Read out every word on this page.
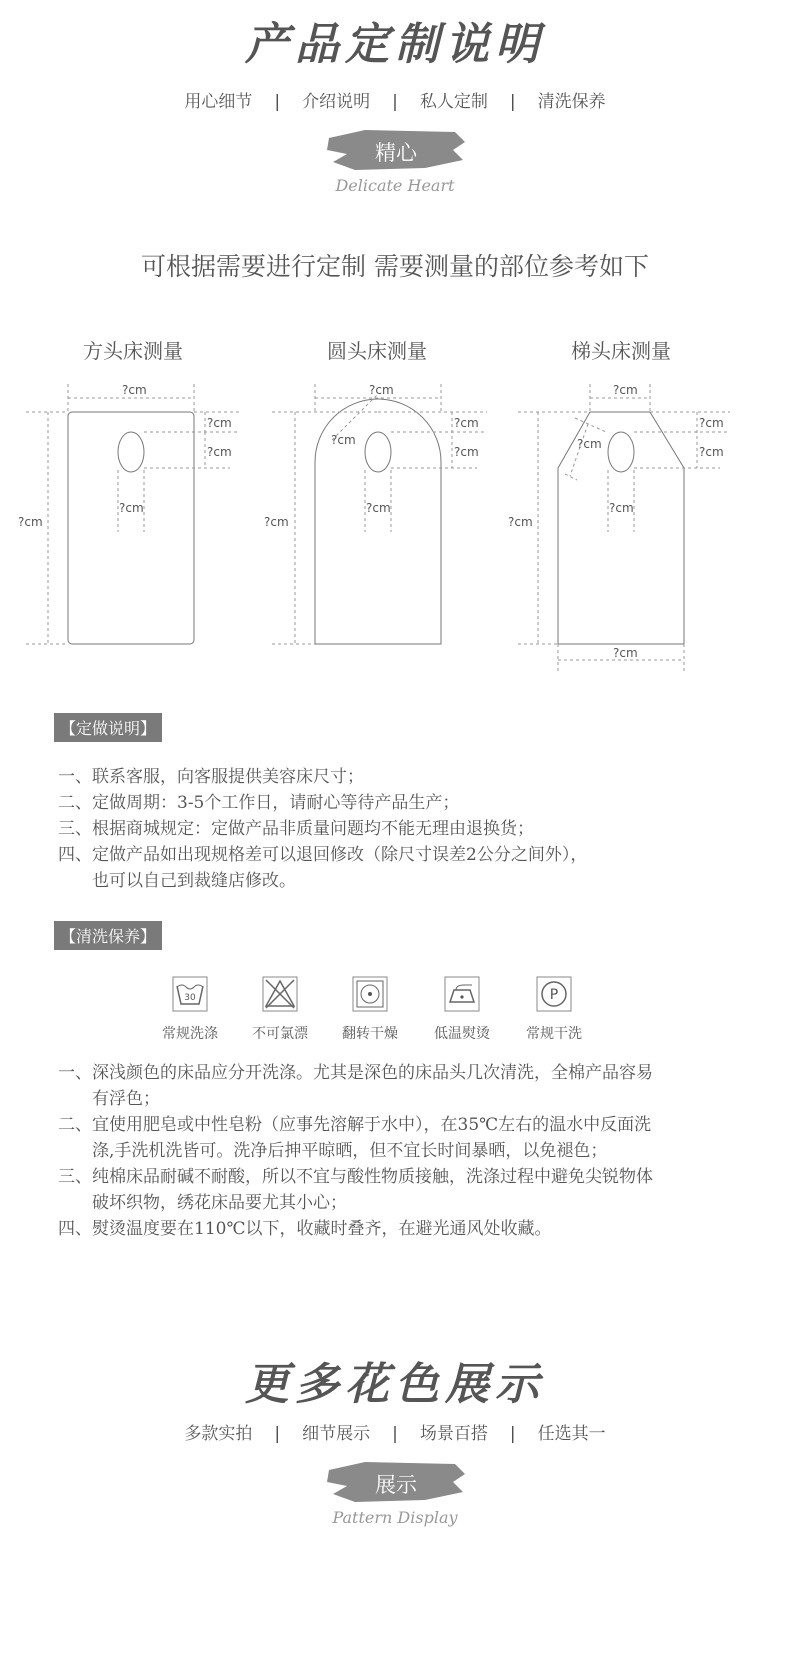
产品定制说明
用心细节 | 介绍说明 | 私人定制 | 清洗保养
精心
Delicate Heart
可根据需要进行定制 需要测量的部位参考如下
方头床测量	圆头床测量	梯头床测量
?cm
?cm
?cm
?cm
?cm
?cm
?cm
?cm
?cm
?cm
?cm
?cm
?cm
?cm
?cm
?cm
?cm
?cm
【定做说明】
一、联系客服，向客服提供美容床尺寸；
二、定做周期：3-5个工作日，请耐心等待产品生产；
三、根据商城规定：定做产品非质量问题均不能无理由退换货；
四、定做产品如出现规格差可以退回修改（除尺寸误差2公分之间外），
　　也可以自己到裁缝店修改。
【清洗保养】
30	P
常规洗涤	不可氯漂	翻转干燥	低温熨烫	常规干洗
一、深浅颜色的床品应分开洗涤。尤其是深色的床品头几次清洗，全棉产品容易
　　有浮色；
二、宜使用肥皂或中性皂粉（应事先溶解于水中），在35℃左右的温水中反面洗
　　涤,手洗机洗皆可。洗净后抻平晾晒，但不宜长时间暴晒，以免褪色；
三、纯棉床品耐碱不耐酸，所以不宜与酸性物质接触，洗涤过程中避免尖锐物体
　　破坏织物，绣花床品要尤其小心；
四、熨烫温度要在110℃以下，收藏时叠齐，在避光通风处收藏。
更多花色展示
多款实拍 | 细节展示 | 场景百搭 | 任选其一
展示
Pattern Display
